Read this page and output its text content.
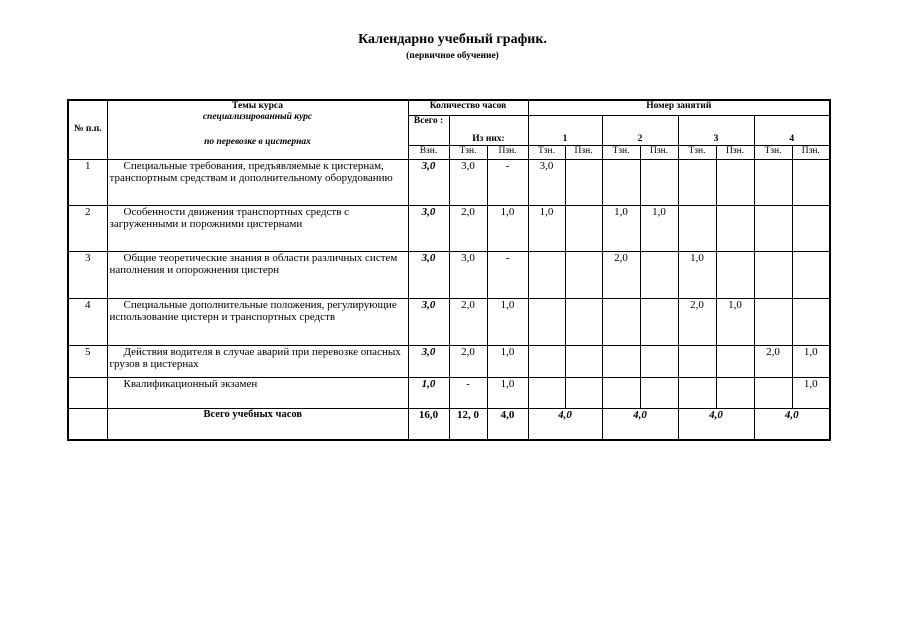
Календарно учебный график.
(первичное обучение)
№ п.п.	Темы курса
специализированный курс
по перевозке в цистернах	Количество часов			Номер занятий							
		Всего :	Из них:		1		2		3		4	
		Взн.	Тзн.	Пзн.	Тзн.	Пзн.	Тзн.	Пзн.	Тзн.	Пзн.	Тзн.	Пзн.
1	Специальные требования, предъявляемые к цистернам, транспортным средствам и дополнительному оборудованию	3,0	3,0	-	3,0							
2	Особенности движения транспортных средств с загруженными и порожними цистернами	3,0	2,0	1,0	1,0		1,0	1,0				
3	Общие теоретические знания в области различных систем наполнения и опорожнения цистерн	3,0	3,0	-			2,0		1,0			
4	Специальные дополнительные положения, регулирующие использование цистерн и транспортных средств	3,0	2,0	1,0					2,0	1,0		
5	Действия водителя в случае аварий при перевозке опасных грузов в цистернах	3,0	2,0	1,0							2,0	1,0
	Квалификационный экзамен	1,0	-	1,0								1,0
	Всего учебных часов	16,0	12, 0	4,0	4,0		4,0		4,0		4,0	
